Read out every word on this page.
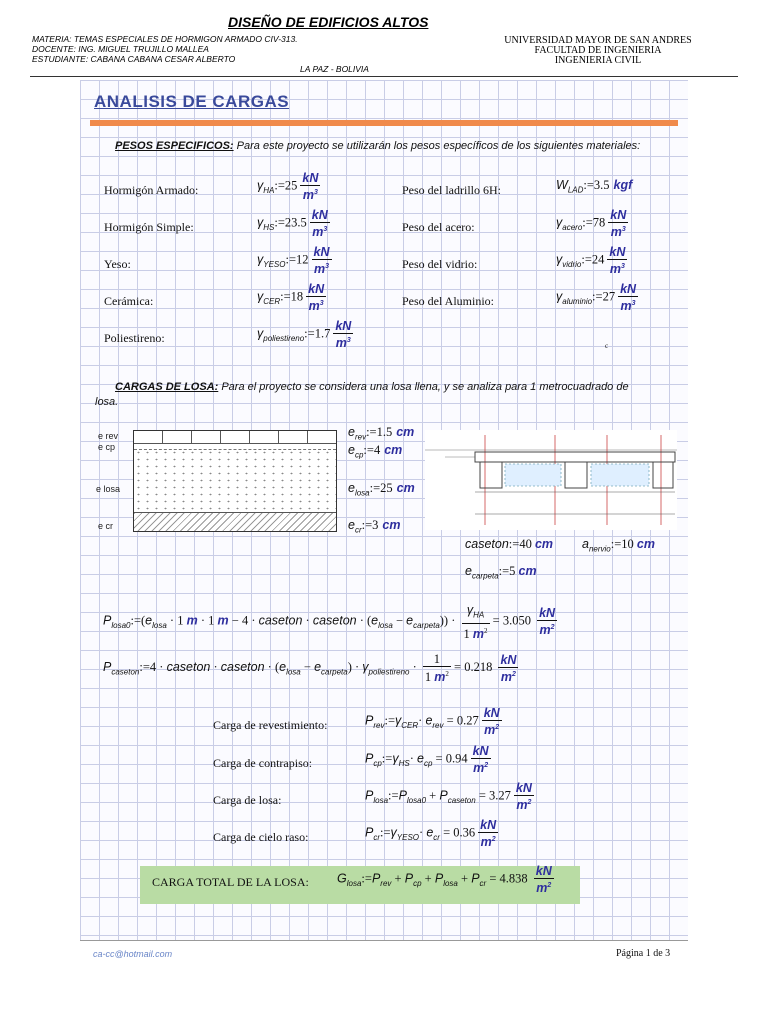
DISEÑO DE EDIFICIOS ALTOS
MATERIA: TEMAS ESPECIALES DE HORMIGON ARMADO CIV-313.
DOCENTE: ING. MIGUEL TRUJILLO MALLEA
ESTUDIANTE: CABANA CABANA CESAR ALBERTO
UNIVERSIDAD MAYOR DE SAN ANDRES
FACULTAD DE INGENIERIA
INGENIERIA CIVIL
LA PAZ - BOLIVIA
ANALISIS DE CARGAS
PESOS ESPECIFICOS: Para este proyecto se utilizarán los pesos específicos de los siguientes materiales:
c
CARGAS DE LOSA: Para el proyecto se considera una losa llena, y se analiza para 1 metrocuadrado de
losa.
e rev
e cp
e losa
e cr
caseton:=40 cm $a_{nervio}:=10$ cm
$e_{carpeta}:=5$ cm
$P_{losa0}:=(e_{losa} \cdot 1$ m · 1 m − 4 · caseton · caseton · $(e_{losa} - e_{carpeta})) \cdot \frac{\gamma_{HA}}{1 m^2} = 3.050 \frac{kN}{m^2}$
$P_{caseton}:=4$ · caseton · caseton · $(e_{losa} - e_{carpeta}) \cdot \gamma_{poliestireno} \cdot \frac{1}{1 m^2} = 0.218 \frac{kN}{m^2}$
CARGA TOTAL DE LA LOSA: $G_{losa}:=P_{rev} + P_{cp} + P_{losa} + P_{cr} = 4.838 \frac{kN}{m^2}$
ca-cc@hotmail.com	Página 1 de 3
Hormigón Armado:	$\gamma_{HA}:=25 \frac{kN}{m^3}$
Hormigón Simple:	$\gamma_{HS}:=23.5 \frac{kN}{m^3}$
Yeso:	$\gamma_{YESO}:=12 \frac{kN}{m^3}$
Cerámica:	$\gamma_{CER}:=18 \frac{kN}{m^3}$
Poliestireno:	$\gamma_{poliestireno}:=1.7 \frac{kN}{m^3}$
Peso del ladrillo 6H:	$W_{LAD}:=3.5$ kgf
Peso del acero:	$\gamma_{acero}:=78 \frac{kN}{m^3}$
Peso del vidrio:	$\gamma_{vidrio}:=24 \frac{kN}{m^3}$
Peso del Aluminio:	$\gamma_{aluminio}:=27 \frac{kN}{m^3}$
$e_{rev}:=1.5$ cm
$e_{cp}:=4$ cm
$e_{losa}:=25$ cm
$e_{cr}:=3$ cm
Carga de revestimiento:	$P_{rev}:=\gamma_{CER}\cdot e_{rev} = 0.27 \frac{kN}{m^2}$
Carga de contrapiso:	$P_{cp}:=\gamma_{HS}\cdot e_{cp} = 0.94 \frac{kN}{m^2}$
Carga de losa:	$P_{losa}:=P_{losa0} + P_{caseton} = 3.27 \frac{kN}{m^2}$
Carga de cielo raso:	$P_{cr}:=\gamma_{YESO}\cdot e_{cr} = 0.36 \frac{kN}{m^2}$
